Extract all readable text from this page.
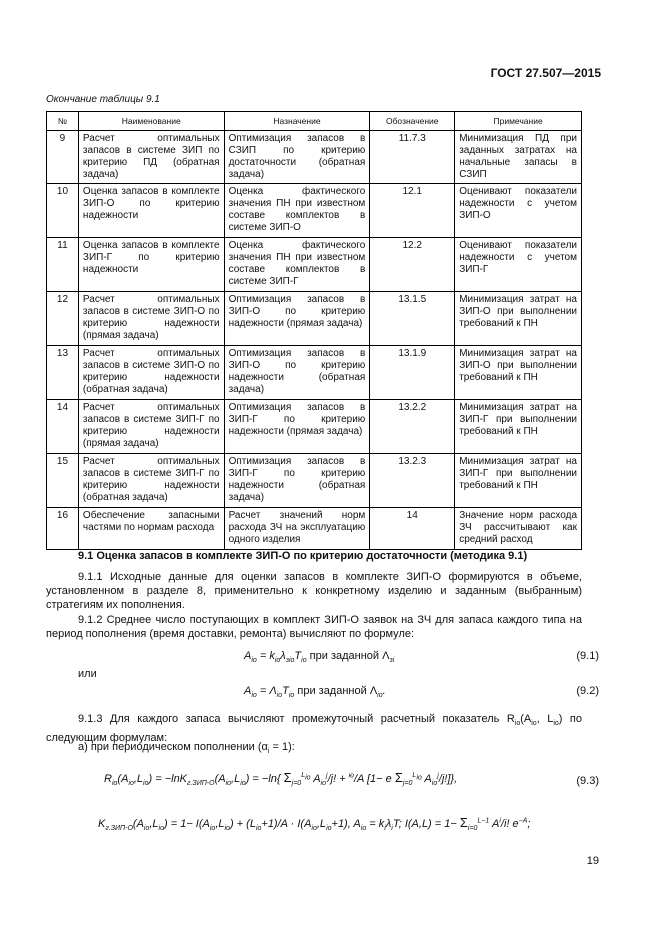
ГОСТ 27.507—2015
Окончание таблицы 9.1
№	Наименование	Назначение	Обозначение	Примечание
9	Расчет оптимальных запасов в системе ЗИП по критерию ПД (обратная задача)	Оптимизация запасов в СЗИП по критерию достаточности (обратная задача)	11.7.3	Минимизация ПД при заданных затратах на начальные запасы в СЗИП
10	Оценка запасов в комплекте ЗИП-О по критерию надежности	Оценка фактического значения ПН при известном составе комплектов в системе ЗИП-О	12.1	Оценивают показатели надежности с учетом ЗИП-О
11	Оценка запасов в комплекте ЗИП-Г по критерию надежности	Оценка фактического значения ПН при известном составе комплектов в системе ЗИП-Г	12.2	Оценивают показатели надежности с учетом ЗИП-Г
12	Расчет оптимальных запасов в системе ЗИП-О по критерию надежности (прямая задача)	Оптимизация запасов в ЗИП-О по критерию надежности (прямая задача)	13.1.5	Минимизация затрат на ЗИП-О при выполнении требований к ПН
13	Расчет оптимальных запасов в системе ЗИП-О по критерию надежности (обратная задача)	Оптимизация запасов в ЗИП-О по критерию надежности (обратная задача)	13.1.9	Минимизация затрат на ЗИП-О при выполнении требований к ПН
14	Расчет оптимальных запасов в системе ЗИП-Г по критерию надежности (прямая задача)	Оптимизация запасов в ЗИП-Г по критерию надежности (прямая задача)	13.2.2	Минимизация затрат на ЗИП-Г при выполнении требований к ПН
15	Расчет оптимальных запасов в системе ЗИП-Г по критерию надежности (обратная задача)	Оптимизация запасов в ЗИП-Г по критерию надежности (обратная задача)	13.2.3	Минимизация затрат на ЗИП-Г при выполнении требований к ПН
16	Обеспечение запасными частями по нормам расхода	Расчет значений норм расхода ЗЧ на эксплуатацию одного изделия	14	Значение норм расхода ЗЧ рассчитывают как средний расход
9.1 Оценка запасов в комплекте ЗИП-О по критерию достаточности (методика 9.1)
9.1.1 Исходные данные для оценки запасов в комплекте ЗИП-О формируются в объеме, установленном в разделе 8, применительно к конкретному изделию и заданным (выбранным) стратегиям их пополнения.
9.1.2 Среднее число поступающих в комплект ЗИП-О заявок на ЗЧ для запаса каждого типа на период пополнения (время доставки, ремонта) вычисляют по формуле:
$A_{io} = k_{io}\lambda_{зio}T_{io}$ при заданной $\Lambda_{зi}$	(9.1)
или
$A_{io} = \Lambda_{io}T_{io}$ при заданной $\Lambda_{io}$.	(9.2)
9.1.3 Для каждого запаса вычисляют промежуточный расчетный показатель $R_{io}(A_{io}$, $L_{io}$) по следующим формулам:
а) при периодическом пополнении $(\alpha_i = 1)$:
$R_{io}(A_{io},L_{io}) = -\ln K_{г.ЗИП-О}(A_{io},L_{io}) = -\ln${ $\Sigma_{j=0}^{L_{io}}$ $A_{io}^j/j$! + $^ю$/A [1− e $\Sigma_{j=0}^{L_{io}}$ $A_{io}^j/j$!]},	(9.3)
$K_{г.ЗИП-О}(A_{io},L_{io}) = 1- I(A_{io},L_{io}) + (L_{io}+1)/A \cdot I(A_{io},L_{io}+1)$, $A_{io} = k_i\lambda_iT$; $I(A,L) = 1- \Sigma_{i=0}^{L-1}$ $A^i/i$! $e^{-A}$;
19
